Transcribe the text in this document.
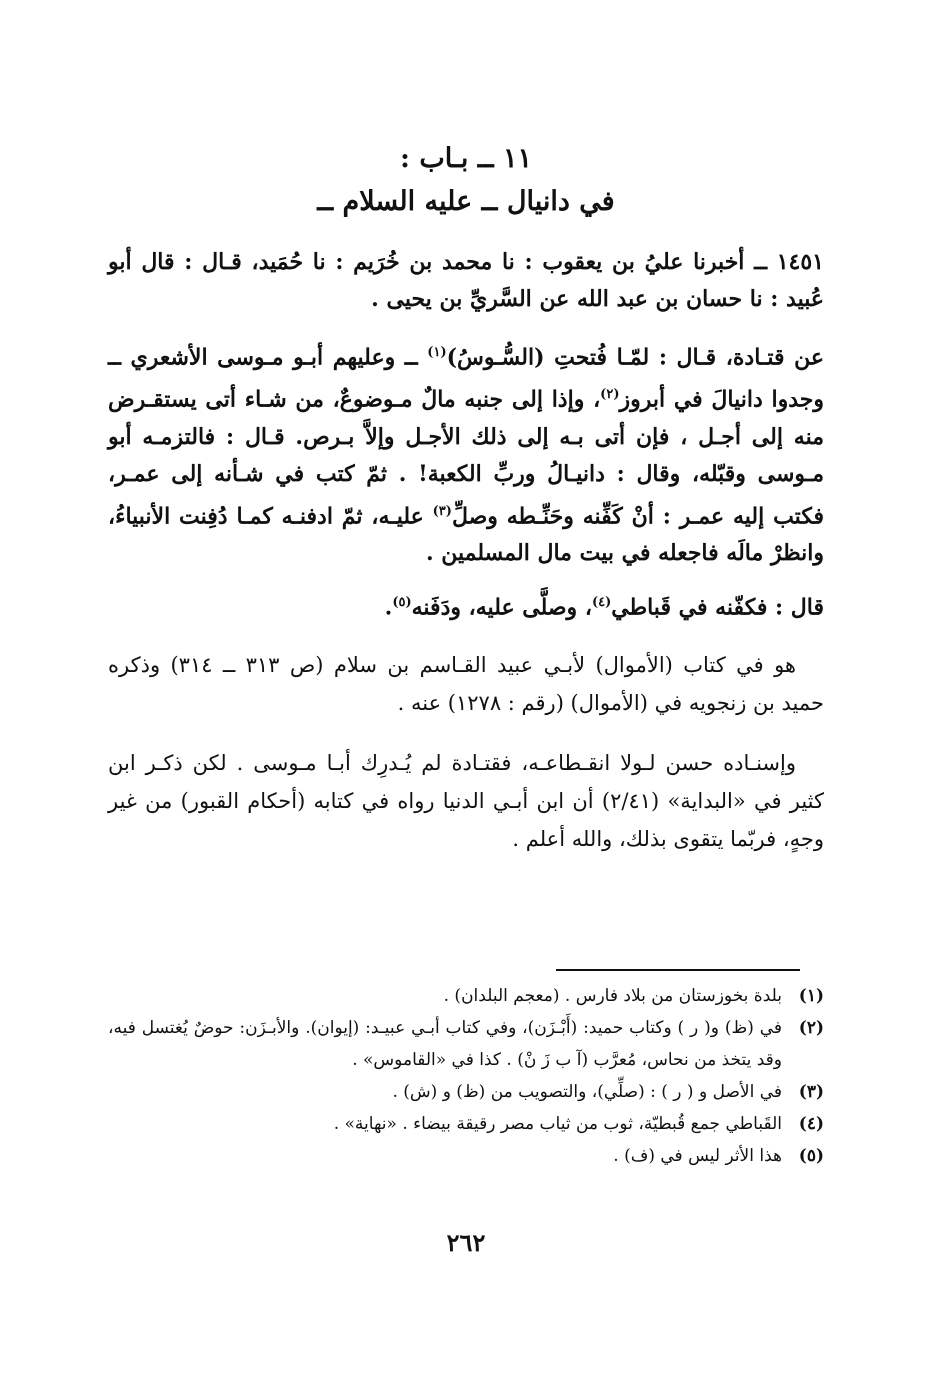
١١ ــ بـاب :
في دانيال ــ عليه السلام ــ

١٤٥١ ــ أخبرنا عليُ بن يعقوب : نا محمد بن خُرَيم : نا حُمَيد، قـال : قال أبو عُبيد : نا حسان بن عبد الله عن السَّريِّ بن يحيى .

عن قتـادة، قـال : لمّـا فُتحتِ (السُّـوسُ)$^{(١)}$ ــ وعليهم أبـو مـوسى الأشعري ــ وجدوا دانيالَ في أبروز$^{(٢)}$، وإذا إلى جنبه مالٌ مـوضوعٌ، من شـاء أتى يستقـرض منه إلى أجـل ، فإن أتى بـه إلى ذلك الأجـل وإلاَّ بـرص. قـال : فالتزمـه أبو مـوسى وقبّله، وقال : دانيـالُ وربِّ الكعبة! . ثمّ كتب في شـأنه إلى عمـر، فكتب إليه عمـر : أنْ كَفِّنه وحَنِّـطه وصلِّ$^{(٣)}$ عليـه، ثمّ ادفنـه كمـا دُفِنت الأنبياءُ، وانظرْ مالَه فاجعله في بيت مال المسلمين .

قال : فكفّنه في قَباطي$^{(٤)}$، وصلَّى عليه، ودَفَنه$^{(٥)}$.

هو في كتاب (الأموال) لأبـي عبيد القـاسم بن سلام (ص ٣١٣ ــ ٣١٤) وذكره حميد بن زنجويه في (الأموال) (رقم : ١٢٧٨) عنه .

وإسنـاده حسن لـولا انقـطاعـه، فقتـادة لم يُـدرِك أبـا مـوسى . لكن ذكـر ابن كثير في «البداية» (٢/٤١) أن ابن أبـي الدنيا رواه في كتابه (أحكام القبور) من غير وجهٍ، فربّما يتقوى بذلك، والله أعلم .

(١)
بلدة بخوزستان من بلاد فارس . (معجم البلدان) .
(٢)
في (ظ) و( ر ) وكتاب حميد: (أَبْـزَن)، وفي كتاب أبـي عبيـد: (إيوان). والأبـزَن: حوضٌ يُغتسل فيه، وقد يتخذ من نحاس، مُعرَّب (آ ب زَ نْ) . كذا في «القاموس» .
(٣)
في الأصل و ( ر ) : (صلِّي)، والتصويب من (ظ) و (ش) .
(٤)
القَباطي جمع قُبطيّة، ثوب من ثياب مصر رقيقة بيضاء . «نهاية» .
(٥)
هذا الأثر ليس في (ف) .
٢٦٢
